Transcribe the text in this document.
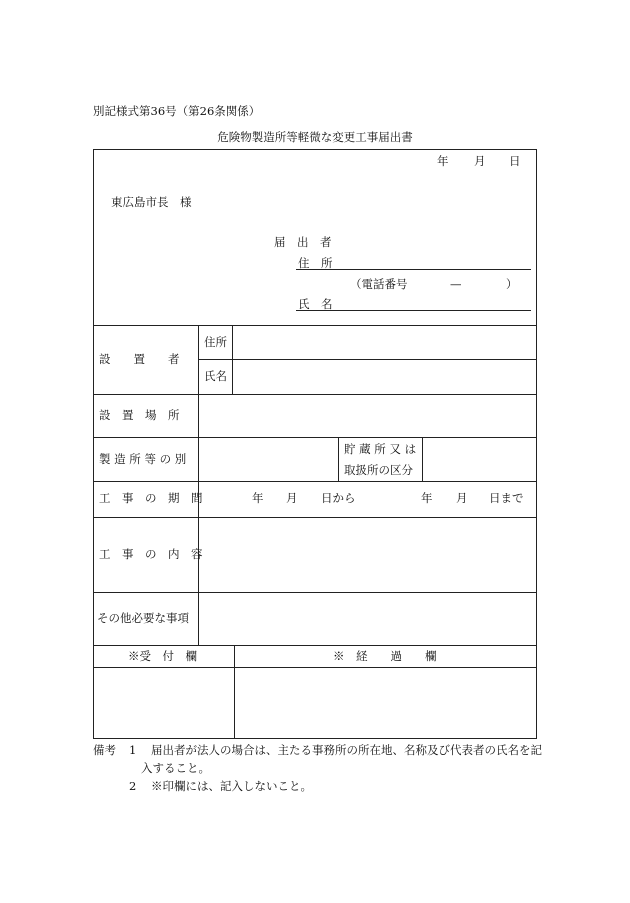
別記様式第36号（第26条関係）
危険物製造所等軽微な変更工事届出書
年 月 日
東広島市長　様
届　出　者
住　所
（電話番号	—	）
氏　名
設　　置　　者
住所
氏名
設　置　場　所
製 造 所 等 の 別
貯 蔵 所 又 は
取扱所の区分
工　事　の　期　間	年 月 日から	年 月 日まで
工　事　の　内　容
その他必要な事項
※受　付　欄	※　経　　過　　欄
備考 1 届出者が法人の場合は、主たる事務所の所在地、名称及び代表者の氏名を記
入すること。
2 ※印欄には、記入しないこと。
